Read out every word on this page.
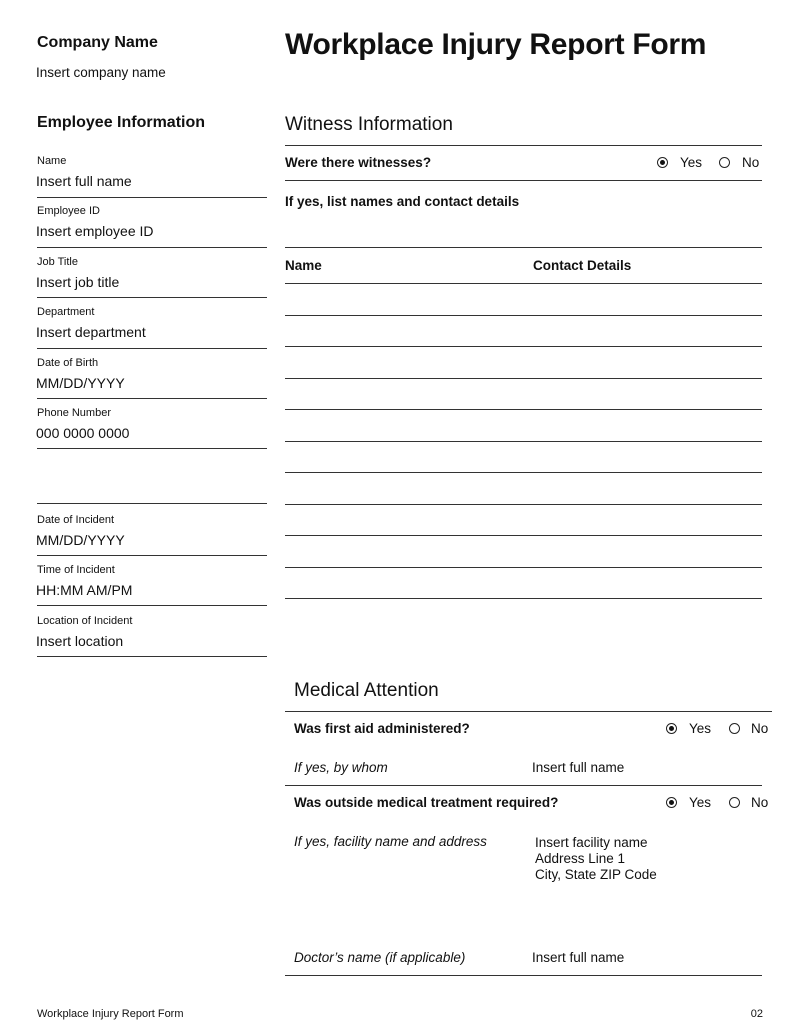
Company Name
Insert company name
Workplace Injury Report Form
Employee Information
Name
Insert full name
Employee ID
Insert employee ID
Job Title
Insert job title
Department
Insert department
Date of Birth
MM/DD/YYYY
Phone Number
000 0000 0000
Date of Incident
MM/DD/YYYY
Time of Incident
HH:MM AM/PM
Location of Incident
Insert location
Witness Information
Were there witnesses?	Yes	No
If yes, list names and contact details
Name	Contact Details
Medical Attention
Was first aid administered?	Yes	No
If yes, by whom	Insert full name
Was outside medical treatment required?	Yes	No
If yes, facility name and address	Insert facility name
Address Line 1
City, State ZIP Code
Doctor’s name (if applicable)	Insert full name
Workplace Injury Report Form	02
